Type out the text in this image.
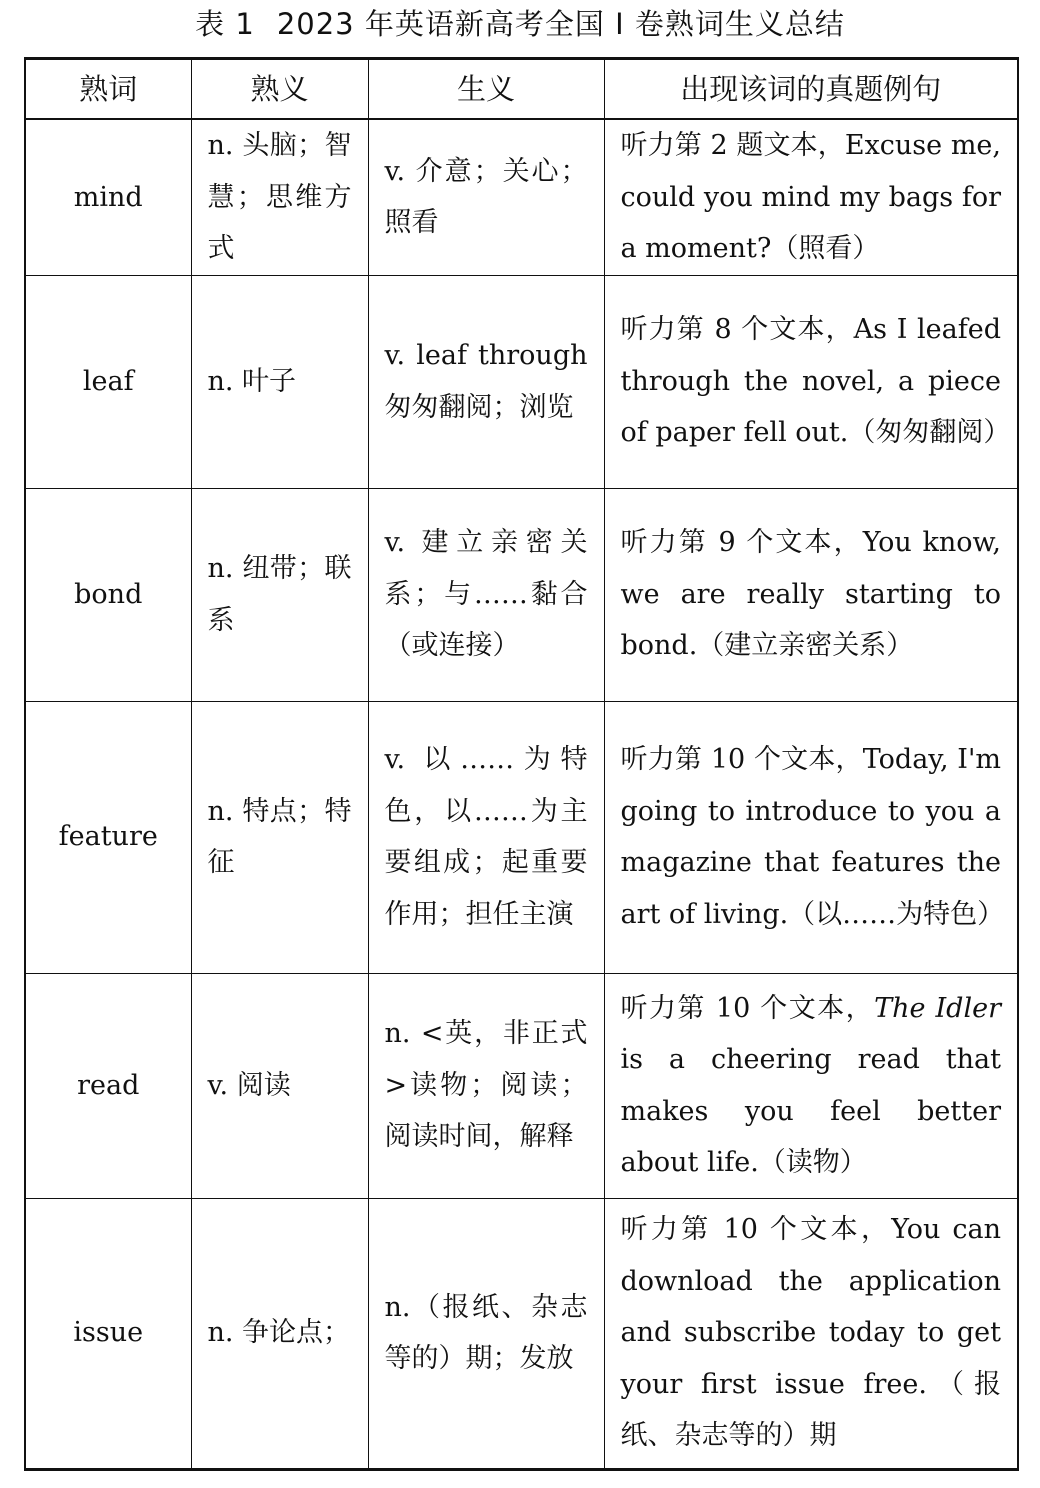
表 1 2023 年英语新高考全国 Ⅰ 卷熟词生义总结
熟词	熟义	生义	出现该词的真题例句
mind	n. 头脑；智慧；思维方式	v. 介意；关心；照看	听力第 2 题文本，Excuse me, could you mind my bags for a moment?（照看）
leaf	n. 叶子	v. leaf through 匆匆翻阅；浏览	听力第 8 个文本，As I leafed through the novel, a piece of paper fell out.（匆匆翻阅）
bond	n. 纽带；联系	v. 建立亲密关系；与……黏合（或连接）	听力第 9 个文本，You know, we are really starting to bond.（建立亲密关系）
feature	n. 特点；特征	v. 以……为特色，以……为主要组成；起重要作用；担任主演	听力第 10 个文本，Today, I'm going to introduce to you a magazine that features the art of living.（以……为特色）
read	v. 阅读	n. <英，非正式>读物；阅读；阅读时间，解释	听力第 10 个文本，The Idler is a cheering read that makes you feel better about life.（读物）
issue	n. 争论点；	n.（报纸、杂志等的）期；发放	听力第 10 个文本，You can download the application and subscribe today to get your first issue free.（报纸、杂志等的）期
